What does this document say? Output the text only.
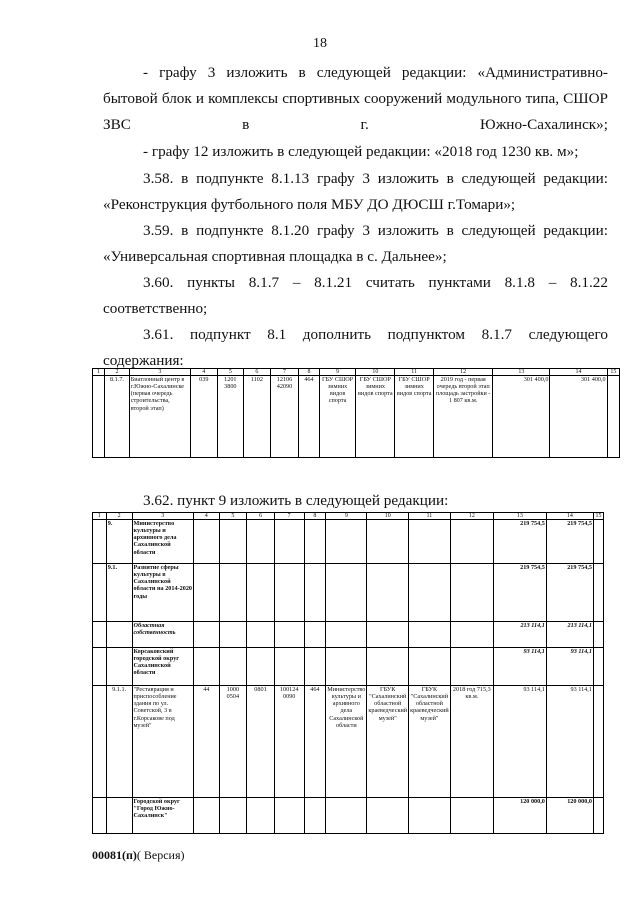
18

- графу 3 изложить в следующей редакции: «Административно-бытовой блок и комплексы спортивных сооружений модульного типа, СШОР ЗВС в г. Южно-Сахалинск»;

- графу 12 изложить в следующей редакции: «2018 год 1230 кв. м»;

3.58. в подпункте 8.1.13 графу 3 изложить в следующей редакции: «Реконструкция футбольного поля МБУ ДО ДЮСШ г.Томари»;

3.59. в подпункте 8.1.20 графу 3 изложить в следующей редакции: «Универсальная спортивная площадка в с. Дальнее»;

3.60. пункты 8.1.7 – 8.1.21 считать пунктами 8.1.8 – 8.1.22 соответственно;

3.61. подпункт 8.1 дополнить подпунктом 8.1.7 следующего содержания:

1	2	3	4	5	6	7	8	9	10	11	12	13	14	15
	8.1.7.	Биатлонный центр в г.Южно-Сахалинске (первая очередь строительства, второй этап)	039	1201 3800	1102	12106 42090	464	ГБУ СШОР зимних видов спорта	ГБУ СШОР зимних видов спорта	ГБУ СШОР зимних видов спорта	2019 год - первая очередь второй этап площадь застройки - 1 807 кв.м.	301 400,0	301 400,0	

3.62. пункт 9 изложить в следующей редакции:

1	2	3	4	5	6	7	8	9	10	11	12	13	14	15
	9.	Министерство культуры и архивного дела Сахалинской области										219 754,5	219 754,5	
	9.1.	Развитие сферы культуры в Сахалинской области на 2014-2020 годы										219 754,5	219 754,5	
		Областная собственность										213 114,1	213 114,1	
		Корсаковский городской округ Сахалинской области										93 114,1	93 114,1	
	9.1.1.	"Реставрация и приспособление здания по ул. Советской, 3 в г.Корсакове под музей"	44	1000 0504	0801	100124 0090	464	Министерство культуры и архивного дела Сахалинской области	ГБУК "Сахалинский областной краеведческий музей"	ГБУК "Сахалинский областной краеведческий музей"	2018 год 715,3 кв.м.	93 114,1	93 114,1	
		Городской округ "Город Южно-Сахалинск"										120 000,0	120 000,0	
00081(п)( Версия)
